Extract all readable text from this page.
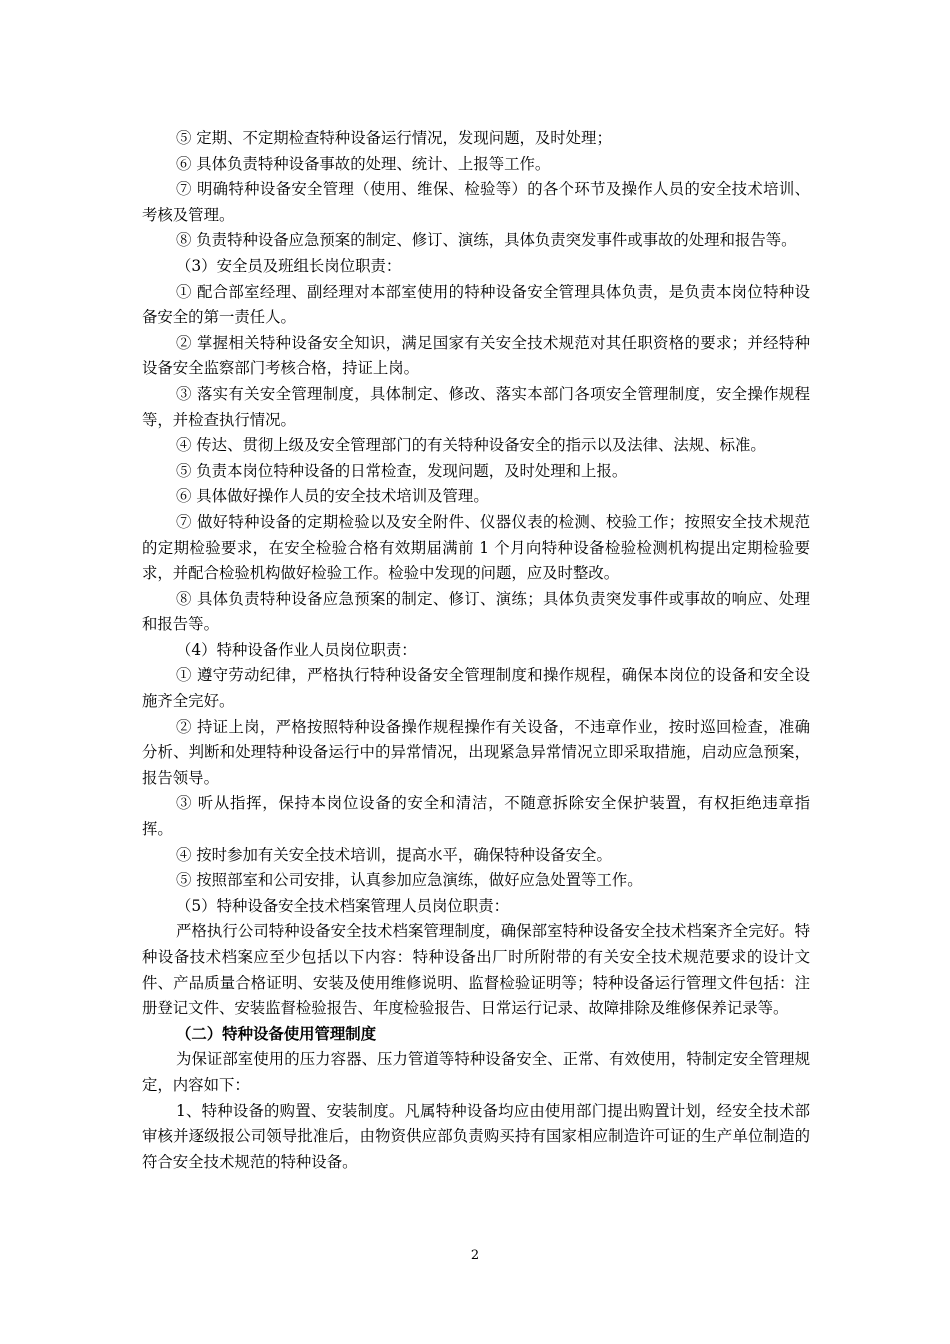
⑤ 定期、不定期检查特种设备运行情况，发现问题，及时处理；

⑥ 具体负责特种设备事故的处理、统计、上报等工作。

⑦ 明确特种设备安全管理（使用、维保、检验等）的各个环节及操作人员的安全技术培训、考核及管理。

⑧ 负责特种设备应急预案的制定、修订、演练，具体负责突发事件或事故的处理和报告等。

（3）安全员及班组长岗位职责：

① 配合部室经理、副经理对本部室使用的特种设备安全管理具体负责，是负责本岗位特种设备安全的第一责任人。

② 掌握相关特种设备安全知识，满足国家有关安全技术规范对其任职资格的要求；并经特种设备安全监察部门考核合格，持证上岗。

③ 落实有关安全管理制度，具体制定、修改、落实本部门各项安全管理制度，安全操作规程等，并检查执行情况。

④ 传达、贯彻上级及安全管理部门的有关特种设备安全的指示以及法律、法规、标准。

⑤ 负责本岗位特种设备的日常检查，发现问题，及时处理和上报。

⑥ 具体做好操作人员的安全技术培训及管理。

⑦ 做好特种设备的定期检验以及安全附件、仪器仪表的检测、校验工作；按照安全技术规范的定期检验要求，在安全检验合格有效期届满前 1 个月向特种设备检验检测机构提出定期检验要求，并配合检验机构做好检验工作。检验中发现的问题，应及时整改。

⑧ 具体负责特种设备应急预案的制定、修订、演练；具体负责突发事件或事故的响应、处理和报告等。

（4）特种设备作业人员岗位职责：

① 遵守劳动纪律，严格执行特种设备安全管理制度和操作规程，确保本岗位的设备和安全设施齐全完好。

② 持证上岗，严格按照特种设备操作规程操作有关设备，不违章作业，按时巡回检查，准确分析、判断和处理特种设备运行中的异常情况，出现紧急异常情况立即采取措施，启动应急预案，报告领导。

③ 听从指挥，保持本岗位设备的安全和清洁，不随意拆除安全保护装置，有权拒绝违章指挥。

④ 按时参加有关安全技术培训，提高水平，确保特种设备安全。

⑤ 按照部室和公司安排，认真参加应急演练，做好应急处置等工作。

（5）特种设备安全技术档案管理人员岗位职责：

严格执行公司特种设备安全技术档案管理制度，确保部室特种设备安全技术档案齐全完好。特种设备技术档案应至少包括以下内容：特种设备出厂时所附带的有关安全技术规范要求的设计文件、产品质量合格证明、安装及使用维修说明、监督检验证明等；特种设备运行管理文件包括：注册登记文件、安装监督检验报告、年度检验报告、日常运行记录、故障排除及维修保养记录等。

（二）特种设备使用管理制度

为保证部室使用的压力容器、压力管道等特种设备安全、正常、有效使用，特制定安全管理规定，内容如下：

1、特种设备的购置、安装制度。凡属特种设备均应由使用部门提出购置计划，经安全技术部审核并逐级报公司领导批准后，由物资供应部负责购买持有国家相应制造许可证的生产单位制造的符合安全技术规范的特种设备。

2
